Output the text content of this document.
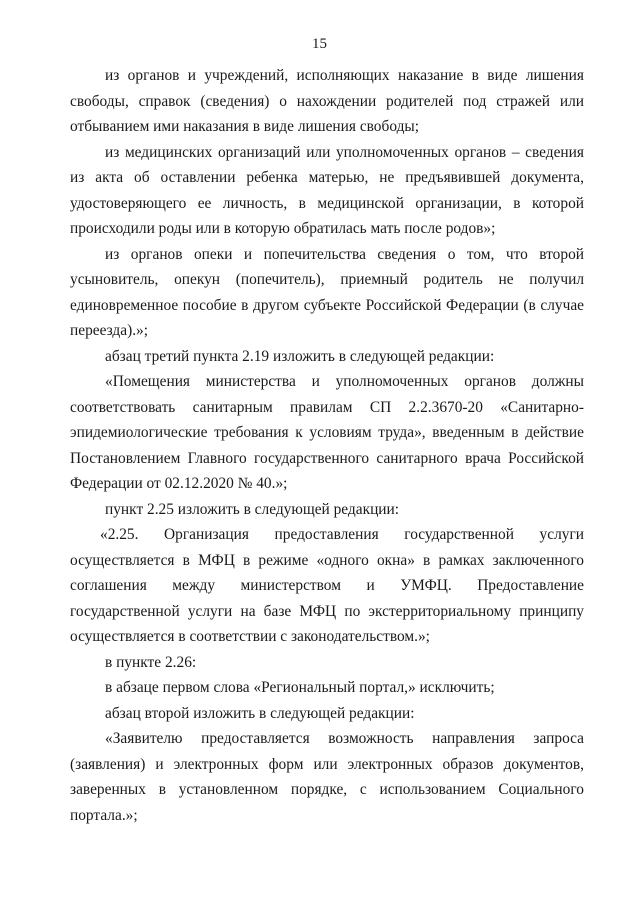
15

из органов и учреждений, исполняющих наказание в виде лишения свободы, справок (сведения) о нахождении родителей под стражей или отбыванием ими наказания в виде лишения свободы;

из медицинских организаций или уполномоченных органов – сведения из акта об оставлении ребенка матерью, не предъявившей документа, удостоверяющего ее личность, в медицинской организации, в которой происходили роды или в которую обратилась мать после родов»;

из органов опеки и попечительства сведения о том, что второй усыновитель, опекун (попечитель), приемный родитель не получил единовременное пособие в другом субъекте Российской Федерации (в случае переезда).»;

абзац третий пункта 2.19 изложить в следующей редакции:

«Помещения министерства и уполномоченных органов должны соответствовать санитарным правилам СП 2.2.3670-20 «Санитарно-эпидемиологические требования к условиям труда», введенным в действие Постановлением Главного государственного санитарного врача Российской Федерации от 02.12.2020 № 40.»;

пункт 2.25 изложить в следующей редакции:

«2.25. Организация предоставления государственной услуги осуществляется в МФЦ в режиме «одного окна» в рамках заключенного соглашения между министерством и УМФЦ. Предоставление государственной услуги на базе МФЦ по экстерриториальному принципу осуществляется в соответствии с законодательством.»;

в пункте 2.26:

в абзаце первом слова «Региональный портал,» исключить;

абзац второй изложить в следующей редакции:

«Заявителю предоставляется возможность направления запроса (заявления) и электронных форм или электронных образов документов, заверенных в установленном порядке, с использованием Социального портала.»;
